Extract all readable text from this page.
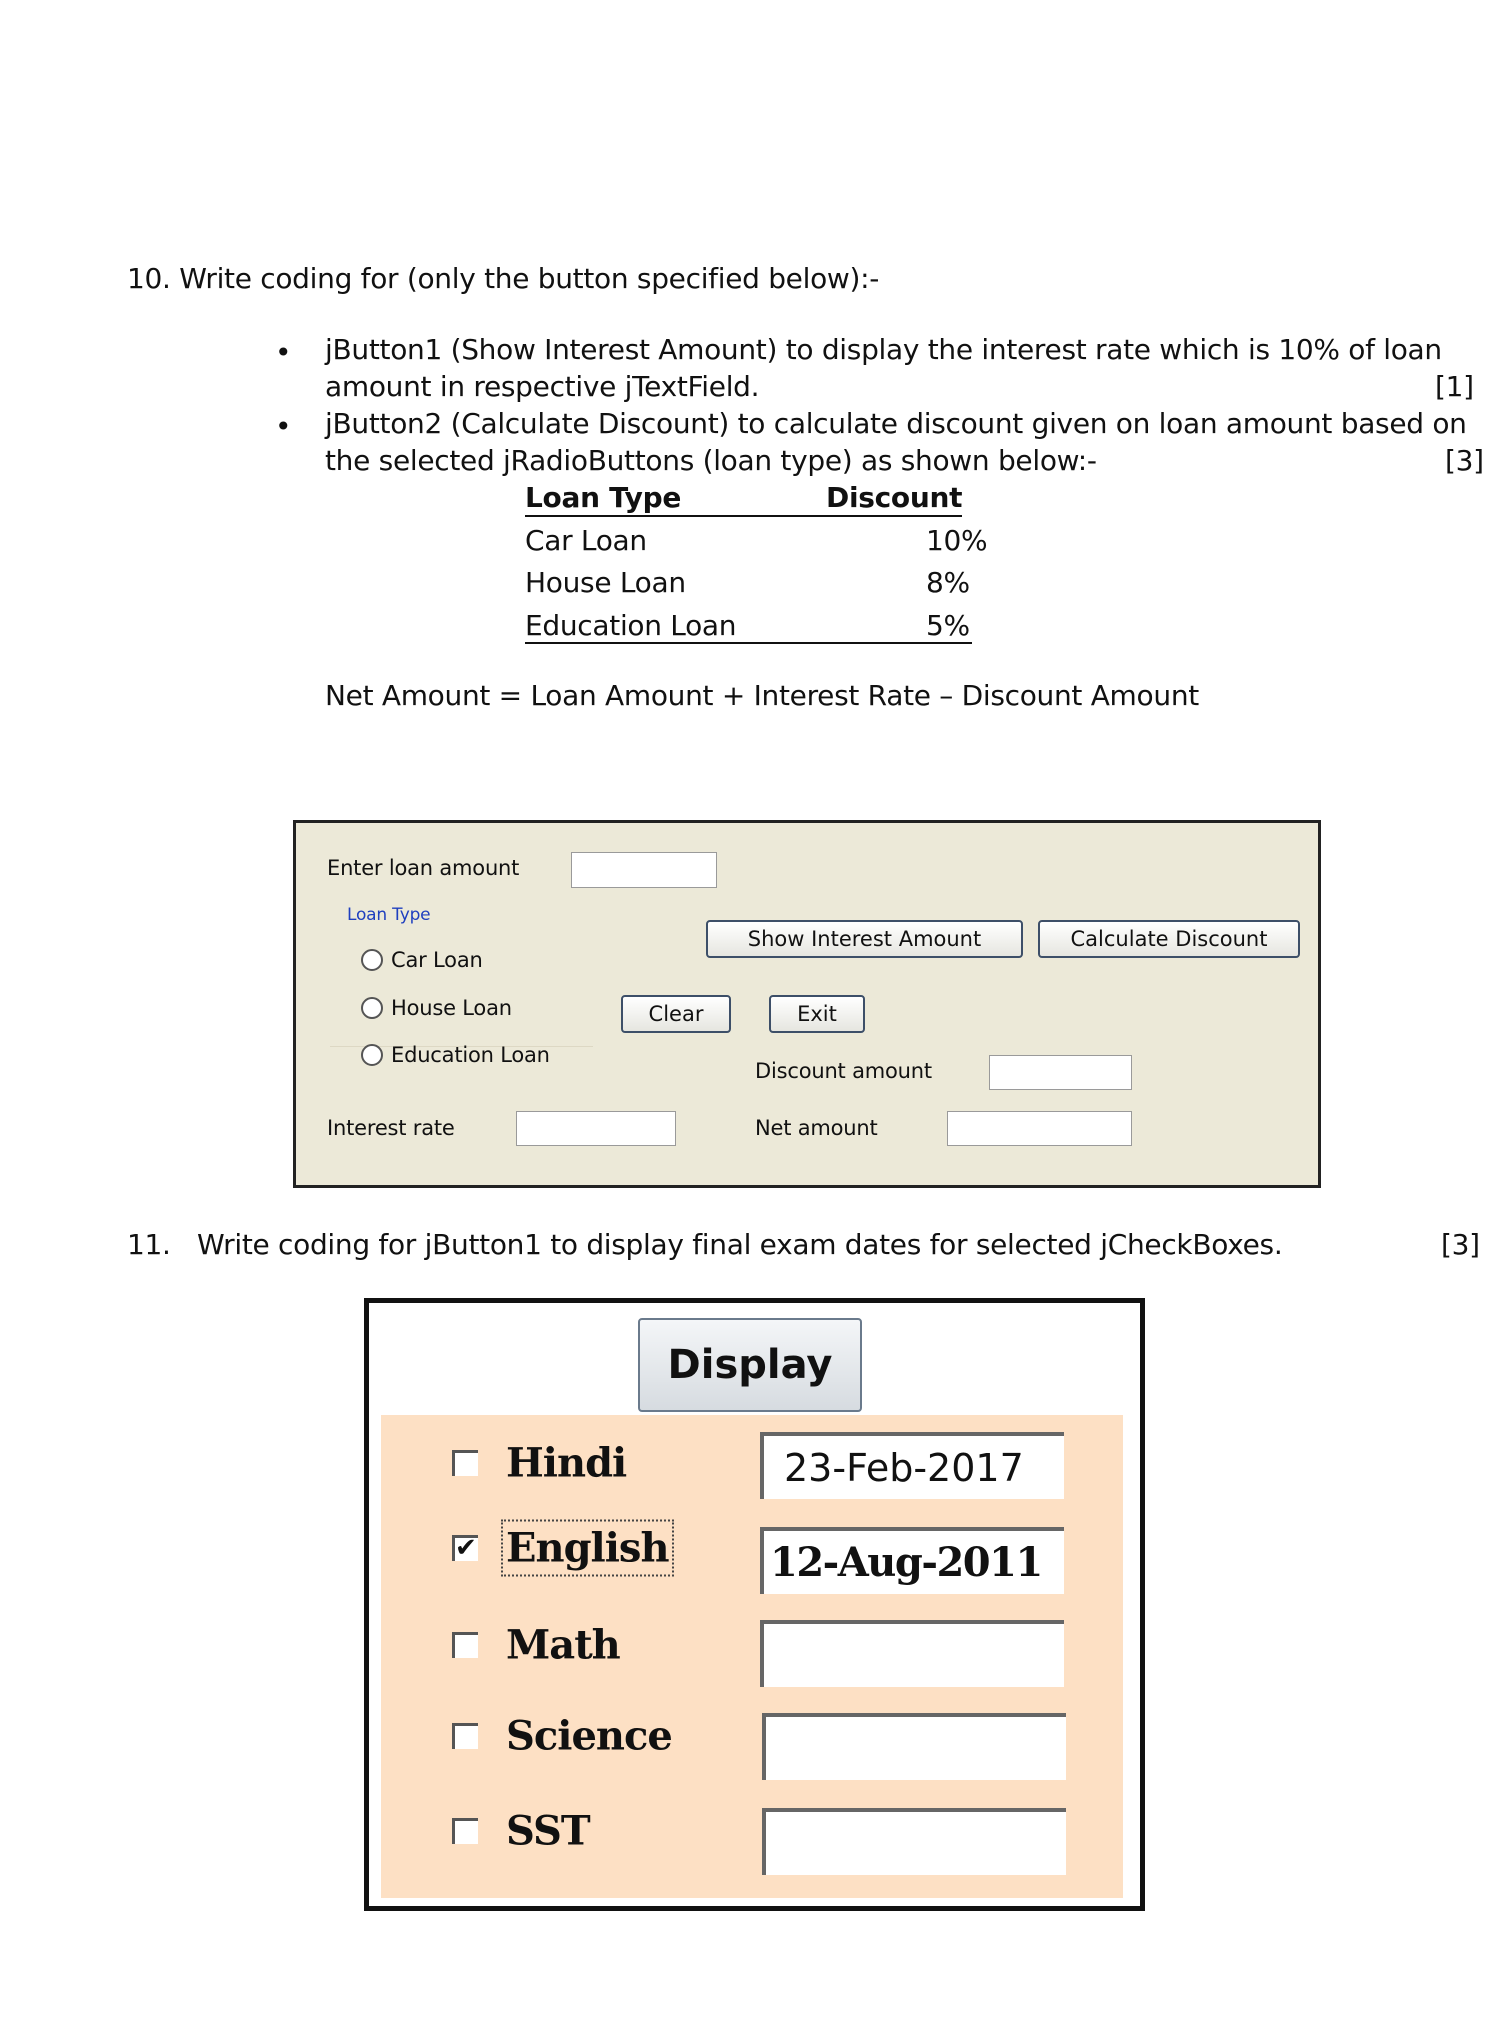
10. Write coding for (only the button specified below):-
• jButton1 (Show Interest Amount) to display the interest rate which is 10% of loan
amount in respective jTextField.	[1]
• jButton2 (Calculate Discount) to calculate discount given on loan amount based on
the selected jRadioButtons (loan type) as shown below:-	[3]
Loan Type	Discount
Car Loan	10%
House Loan	8%
Education Loan	5%
Net Amount = Loan Amount + Interest Rate – Discount Amount
Enter loan amount
Loan Type
Car Loan
House Loan
Education Loan
Show Interest Amount	Calculate Discount
Clear	Exit
Discount amount
Interest rate	Net amount
11. Write coding for jButton1 to display final exam dates for selected jCheckBoxes.	[3]
Display
Hindi	23-Feb-2017
✔ English	12-Aug-2011
Math
Science
SST
